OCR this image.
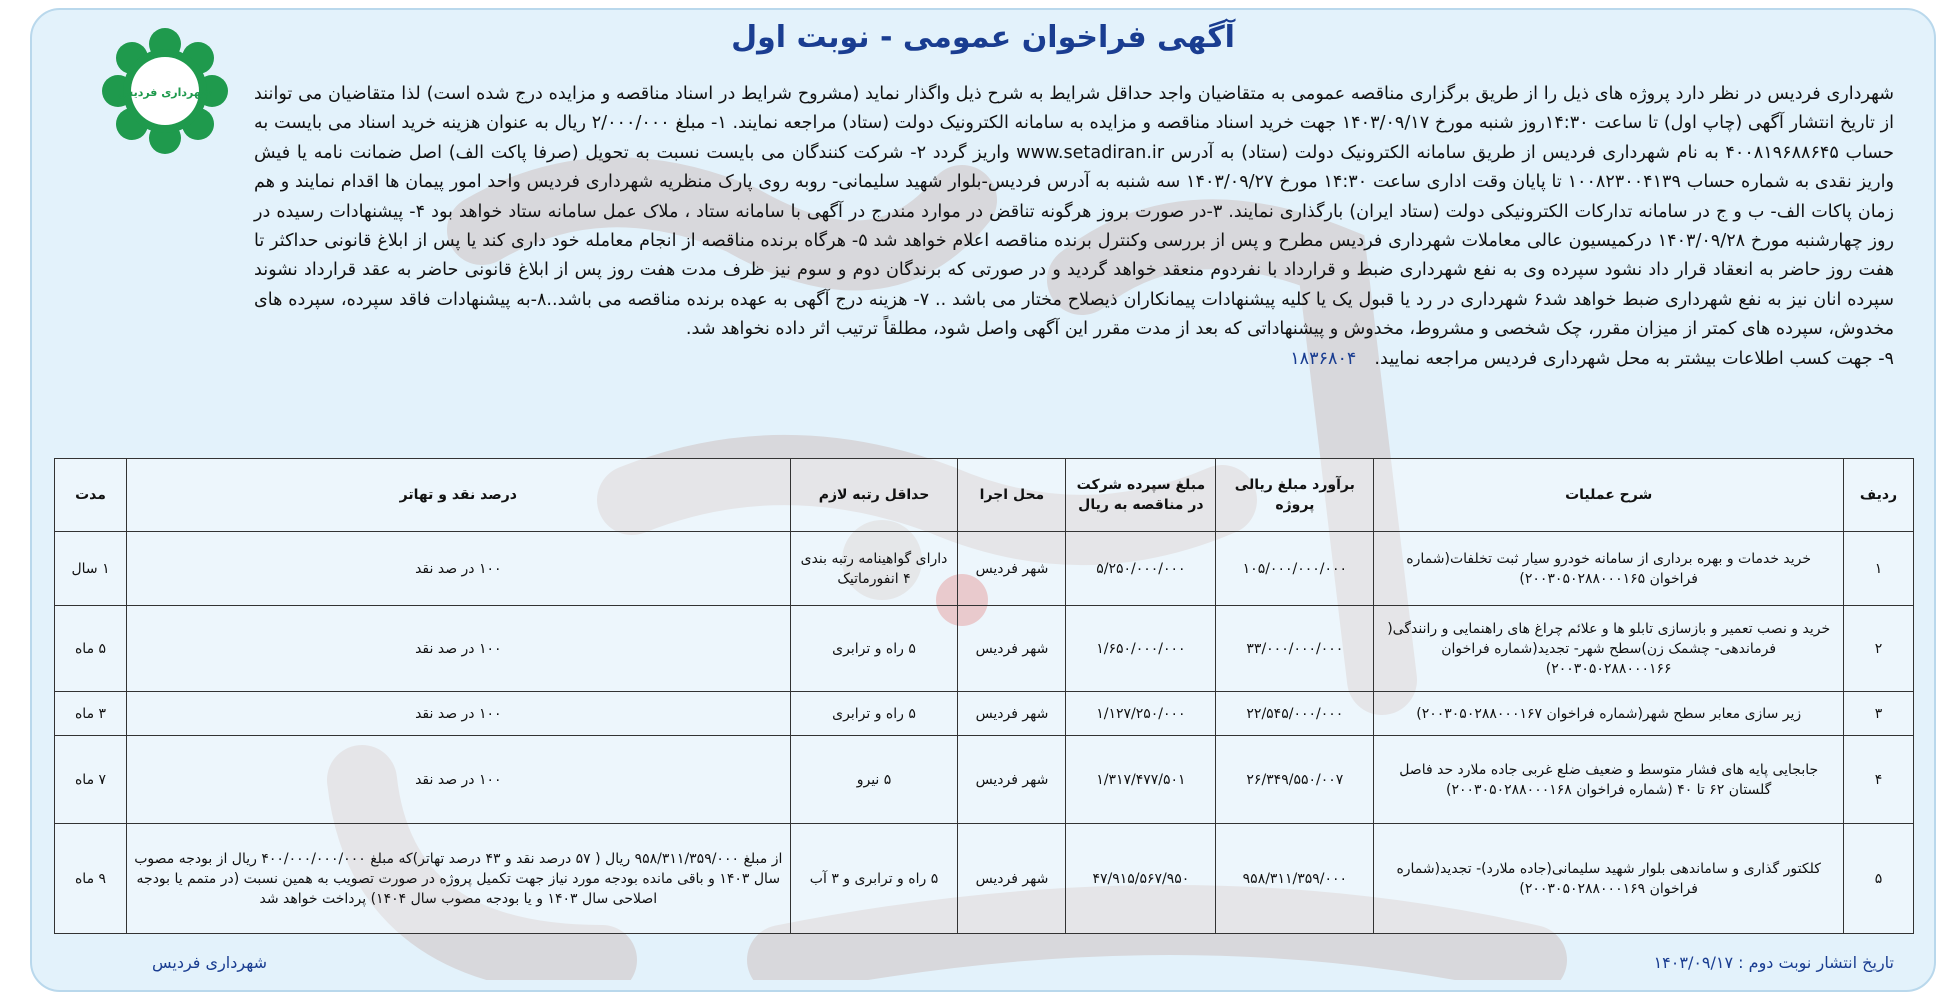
شهرداری فردیس
آگهی فراخوان عمومی - نوبت اول

شهرداری فردیس در نظر دارد پروژه های ذیل را از طریق برگزاری مناقصه عمومی به متقاضیان واجد حداقل شرایط به شرح ذیل واگذار نماید (مشروح شرایط در اسناد مناقصه و مزایده درج شده است) لذا متقاضیان می توانند از تاریخ انتشار آگهی (چاپ اول) تا ساعت ۱۴:۳۰روز شنبه مورخ ۱۴۰۳/۰۹/۱۷ جهت خرید اسناد مناقصه و مزایده به سامانه الکترونیک دولت (ستاد) مراجعه نمایند. ۱- مبلغ ۲/۰۰۰/۰۰۰ ریال به عنوان هزینه خرید اسناد می بایست به حساب ۴۰۰۸۱۹۶۸۸۶۴۵ به نام شهرداری فردیس از طریق سامانه الکترونیک دولت (ستاد) به آدرس www.setadiran.ir واریز گردد ۲- شرکت کنندگان می بایست نسبت به تحویل (صرفا پاکت الف) اصل ضمانت نامه یا فیش واریز نقدی به شماره حساب ۱۰۰۸۲۳۰۰۴۱۳۹ تا پایان وقت اداری ساعت ۱۴:۳۰ مورخ ۱۴۰۳/۰۹/۲۷ سه شنبه به آدرس فردیس-بلوار شهید سلیمانی- روبه روی پارک منظریه شهرداری فردیس واحد امور پیمان ها اقدام نمایند و هم زمان پاکات الف- ب و ج در سامانه تدارکات الکترونیکی دولت (ستاد ایران) بارگذاری نمایند. ۳-در صورت بروز هرگونه تناقض در موارد مندرج در آگهی با سامانه ستاد ، ملاک عمل سامانه ستاد خواهد بود ۴- پیشنهادات رسیده در روز چهارشنبه مورخ ۱۴۰۳/۰۹/۲۸ درکمیسیون عالی معاملات شهرداری فردیس مطرح و پس از بررسی وکنترل برنده مناقصه اعلام خواهد شد ۵- هرگاه برنده مناقصه از انجام معامله خود داری کند یا پس از ابلاغ قانونی حداکثر تا هفت روز حاضر به انعقاد قرار داد نشود سپرده وی به نفع شهرداری ضبط و قرارداد با نفردوم منعقد خواهد گردید و در صورتی که برندگان دوم و سوم نیز ظرف مدت هفت روز پس از ابلاغ قانونی حاضر به عقد قرارداد نشوند سپرده انان نیز به نفع شهرداری ضبط خواهد شد۶ شهرداری در رد یا قبول یک یا کلیه پیشنهادات پیمانکاران ذیصلاح مختار می باشد .. ۷- هزینه درج آگهی به عهده برنده مناقصه می باشد..۸-به پیشنهادات فاقد سپرده، سپرده های مخدوش، سپرده های کمتر از میزان مقرر، چک شخصی و مشروط، مخدوش و پیشنهاداتی که بعد از مدت مقرر این آگهی واصل شود، مطلقاً ترتیب اثر داده نخواهد شد.
۹- جهت کسب اطلاعات بیشتر به محل شهرداری فردیس مراجعه نمایید.۱۸۳۶۸۰۴

ردیف	شرح عملیات	برآورد مبلغ ریالی پروژه	مبلغ سپرده شرکت در مناقصه به ریال	محل اجرا	حداقل رتبه لازم	درصد نقد و تهاتر	مدت
۱	خرید خدمات و بهره برداری از سامانه خودرو سیار ثبت تخلفات(شماره فراخوان ۲۰۰۳۰۵۰۲۸۸۰۰۰۱۶۵)	۱۰۵/۰۰۰/۰۰۰/۰۰۰	۵/۲۵۰/۰۰۰/۰۰۰	شهر فردیس	دارای گواهینامه رتبه بندی ۴ انفورماتیک	۱۰۰ در صد نقد	۱ سال
۲	خرید و نصب تعمیر و بازسازی تابلو ها و علائم چراغ های راهنمایی و رانندگی( فرماندهی- چشمک زن)سطح شهر- تجدید(شماره فراخوان ۲۰۰۳۰۵۰۲۸۸۰۰۰۱۶۶)	۳۳/۰۰۰/۰۰۰/۰۰۰	۱/۶۵۰/۰۰۰/۰۰۰	شهر فردیس	۵ راه و ترابری	۱۰۰ در صد نقد	۵ ماه
۳	زیر سازی معابر سطح شهر(شماره فراخوان ۲۰۰۳۰۵۰۲۸۸۰۰۰۱۶۷)	۲۲/۵۴۵/۰۰۰/۰۰۰	۱/۱۲۷/۲۵۰/۰۰۰	شهر فردیس	۵ راه و ترابری	۱۰۰ در صد نقد	۳ ماه
۴	جابجایی پایه های فشار متوسط و ضعیف ضلع غربی جاده ملارد حد فاصل گلستان ۶۲ تا ۴۰ (شماره فراخوان ۲۰۰۳۰۵۰۲۸۸۰۰۰۱۶۸)	۲۶/۳۴۹/۵۵۰/۰۰۷	۱/۳۱۷/۴۷۷/۵۰۱	شهر فردیس	۵ نیرو	۱۰۰ در صد نقد	۷ ماه
۵	کلکتور گذاری و ساماندهی بلوار شهید سلیمانی(جاده ملارد)- تجدید(شماره فراخوان ۲۰۰۳۰۵۰۲۸۸۰۰۰۱۶۹)	۹۵۸/۳۱۱/۳۵۹/۰۰۰	۴۷/۹۱۵/۵۶۷/۹۵۰	شهر فردیس	۵ راه و ترابری و ۳ آب	از مبلغ ۹۵۸/۳۱۱/۳۵۹/۰۰۰ ریال ( ۵۷ درصد نقد و ۴۳ درصد تهاتر)که مبلغ ۴۰۰/۰۰۰/۰۰۰/۰۰۰ ریال از بودجه مصوب سال ۱۴۰۳ و باقی مانده بودجه مورد نیاز جهت تکمیل پروژه در صورت تصویب به همین نسبت (در متمم یا بودجه اصلاحی سال ۱۴۰۳ و یا بودجه مصوب سال ۱۴۰۴) پرداخت خواهد شد	۹ ماه
تاریخ انتشار نوبت دوم : ۱۴۰۳/۰۹/۱۷
شهرداری فردیس
